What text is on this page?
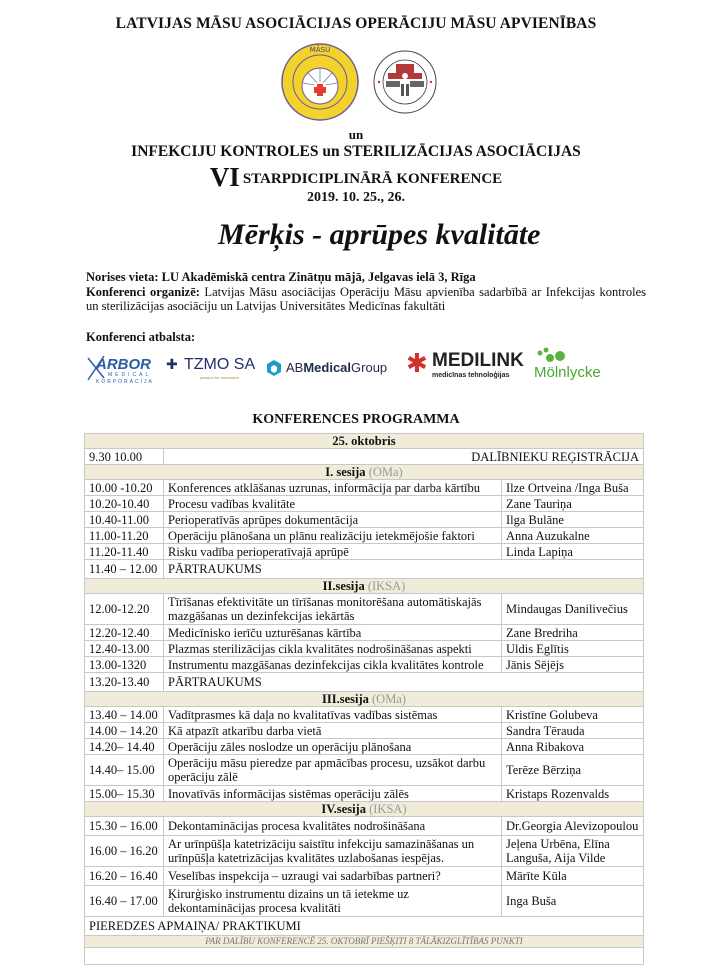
LATVIJAS MĀSU ASOCIĀCIJAS OPERĀCIJU MĀSU APVIENĪBAS
MĀSU
un
INFEKCIJU KONTROLES un STERILIZĀCIJAS ASOCIĀCIJAS
VI STARPDICIPLINĀRĀ KONFERENCE
2019. 10. 25., 26.
Mērķis - aprūpes kvalitāte
Norises vieta: LU Akadēmiskā centra Zinātņu mājā, Jelgavas ielā 3, Rīga
Konferenci organizē: Latvijas Māsu asociācijas Operāciju Māsu apvienība sadarbībā ar Infekcijas kontroles un sterilizācijas asociāciju un Latvijas Universitātes Medicīnas fakultāti
Konferenci atbalsta:
ARBOR
MEDICAL
KORPORĀCIJA
✚ TZMO SA
passion for innovation
ABMedicalGroup ✱ MEDILINK
medicīnas tehnoloģijas Mölnlycke
KONFERENCES PROGRAMMA
25. oktobris		
9.30 10.00	DALĪBNIEKU REĢISTRĀCIJA	
I. sesija (OMa)		
10.00 -10.20	Konferences atklāšanas uzrunas, informācija par darba kārtību	Ilze Ortveina /Inga Buša
10.20-10.40	Procesu vadības kvalitāte	Zane Tauriņa
10.40-11.00	Perioperatīvās aprūpes dokumentācija	Ilga Bulāne
11.00-11.20	Operāciju plānošana un plānu realizāciju ietekmējošie faktori	Anna Auzukalne
11.20-11.40	Risku vadība perioperatīvajā aprūpē	Linda Lapiņa
11.40 – 12.00	PĀRTRAUKUMS	
II.sesija (IKSA)		
12.00-12.20	Tīrīšanas efektivitāte un tīrīšanas monitorēšana automātiskajās mazgāšanas un dezinfekcijas iekārtās	Mindaugas Danilivečius
12.20-12.40	Medicīnisko ierīču uzturēšanas kārtība	Zane Bredriha
12.40-13.00	Plazmas sterilizācijas cikla kvalitātes nodrošināšanas aspekti	Uldis Eglītis
13.00-1320	Instrumentu mazgāšanas dezinfekcijas cikla kvalitātes kontrole	Jānis Sējējs
13.20-13.40	PĀRTRAUKUMS	
III.sesija (OMa)		
13.40 – 14.00	Vadītprasmes kā daļa no kvalitatīvas vadības sistēmas	Kristīne Golubeva
14.00 – 14.20	Kā atpazīt atkarību darba vietā	Sandra Tērauda
14.20– 14.40	Operāciju zāles noslodze un operāciju plānošana	Anna Ribakova
14.40– 15.00	Operāciju māsu pieredze par apmācības procesu, uzsākot darbu operāciju zālē	Terēze Bērziņa
15.00– 15.30	Inovatīvās informācijas sistēmas operāciju zālēs	Kristaps Rozenvalds
IV.sesija (IKSA)		
15.30 – 16.00	Dekontaminācijas procesa kvalitātes nodrošināšana	Dr.Georgia Alevizopoulou
16.00 – 16.20	Ar urīnpūšļa katetrizāciju saistītu infekciju samazināšanas un urīnpūšļa katetrizācijas kvalitātes uzlabošanas iespējas.	Jeļena Urbēna, Elīna Languša, Aija Vilde
16.20 – 16.40	Veselības inspekcija – uzraugi vai sadarbības partneri?	Mārīte Kūla
16.40 – 17.00	Ķirurģisko instrumentu dizains un tā ietekme uz dekontaminācijas procesa kvalitāti	Inga Buša
PIEREDZES APMAIŅA/ PRAKTIKUMI		
PAR DALĪBU KONFERENCĒ 25. OKTOBRĪ PIEŠĶITI 8 TĀLĀKIZGLĪTĪBAS PUNKTI		
